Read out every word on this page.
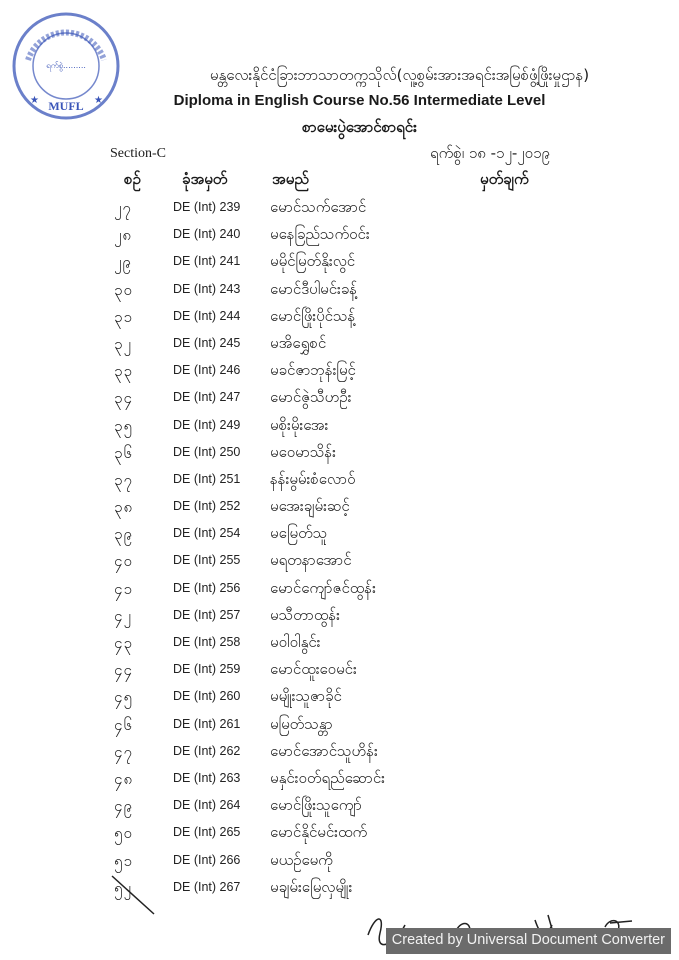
ရက်စွဲ.........
MUFL
★	★
မန္တလေးနိုင်ငံခြားဘာသာတက္ကသိုလ်(လူ့စွမ်းအားအရင်းအမြစ်ဖွံ့ဖြိုးမှုဌာန)
Diploma in English Course No.56 Intermediate Level
စာမေးပွဲအောင်စာရင်း
Section-C	ရက်စွဲ၊ ၁၈ -၁၂-၂၀၁၉
စဉ်	ခုံအမှတ်	အမည်	မှတ်ချက်
၂၇	DE (Int) 239 မောင်သက်အောင်
၂၈	DE (Int) 240 မနေခြည်သက်ဝင်း
၂၉	DE (Int) 241 မမိုင်မြတ်နိုးလွင်
၃၀	DE (Int) 243 မောင်ဒီပါမင်းခန့်
၃၁	DE (Int) 244 မောင်ဖြိုးပိုင်သန့်
၃၂	DE (Int) 245 မအိရွှေစင်
၃၃	DE (Int) 246 မခင်ဇာဘုန်းမြင့်
၃၄	DE (Int) 247 မောင်ဇွဲသီဟဦး
၃၅	DE (Int) 249 မစိုးမိုးအေး
၃၆	DE (Int) 250 မဝေမာသိန်း
၃၇	DE (Int) 251 နန်းမွမ်းစံလောဝ်
၃၈	DE (Int) 252 မအေးချမ်းဆင့်
၃၉	DE (Int) 254 မမြေတ်သူ
၄၀	DE (Int) 255 မရတနာအောင်
၄၁	DE (Int) 256 မောင်ကျော်ဇင်ထွန်း
၄၂	DE (Int) 257 မသီတာထွန်း
၄၃	DE (Int) 258 မဝါဝါနွင်း
၄၄	DE (Int) 259 မောင်ထူးဝေမင်း
၄၅	DE (Int) 260 မမျိုးသူဇာခိုင်
၄၆	DE (Int) 261 မမြတ်သန္တာ
၄၇	DE (Int) 262 မောင်အောင်သူဟိန်း
၄၈	DE (Int) 263 မနှင်းဝတ်ရည်ဆောင်း
၄၉	DE (Int) 264 မောင်ဖြိုးသူကျော်
၅၀	DE (Int) 265 မောင်နိုင်မင်းထက်
၅၁	DE (Int) 266 မယဉ်မေကို
၅၂	DE (Int) 267 မချမ်းမြေလှမျိုး
Created by Universal Document Converter
